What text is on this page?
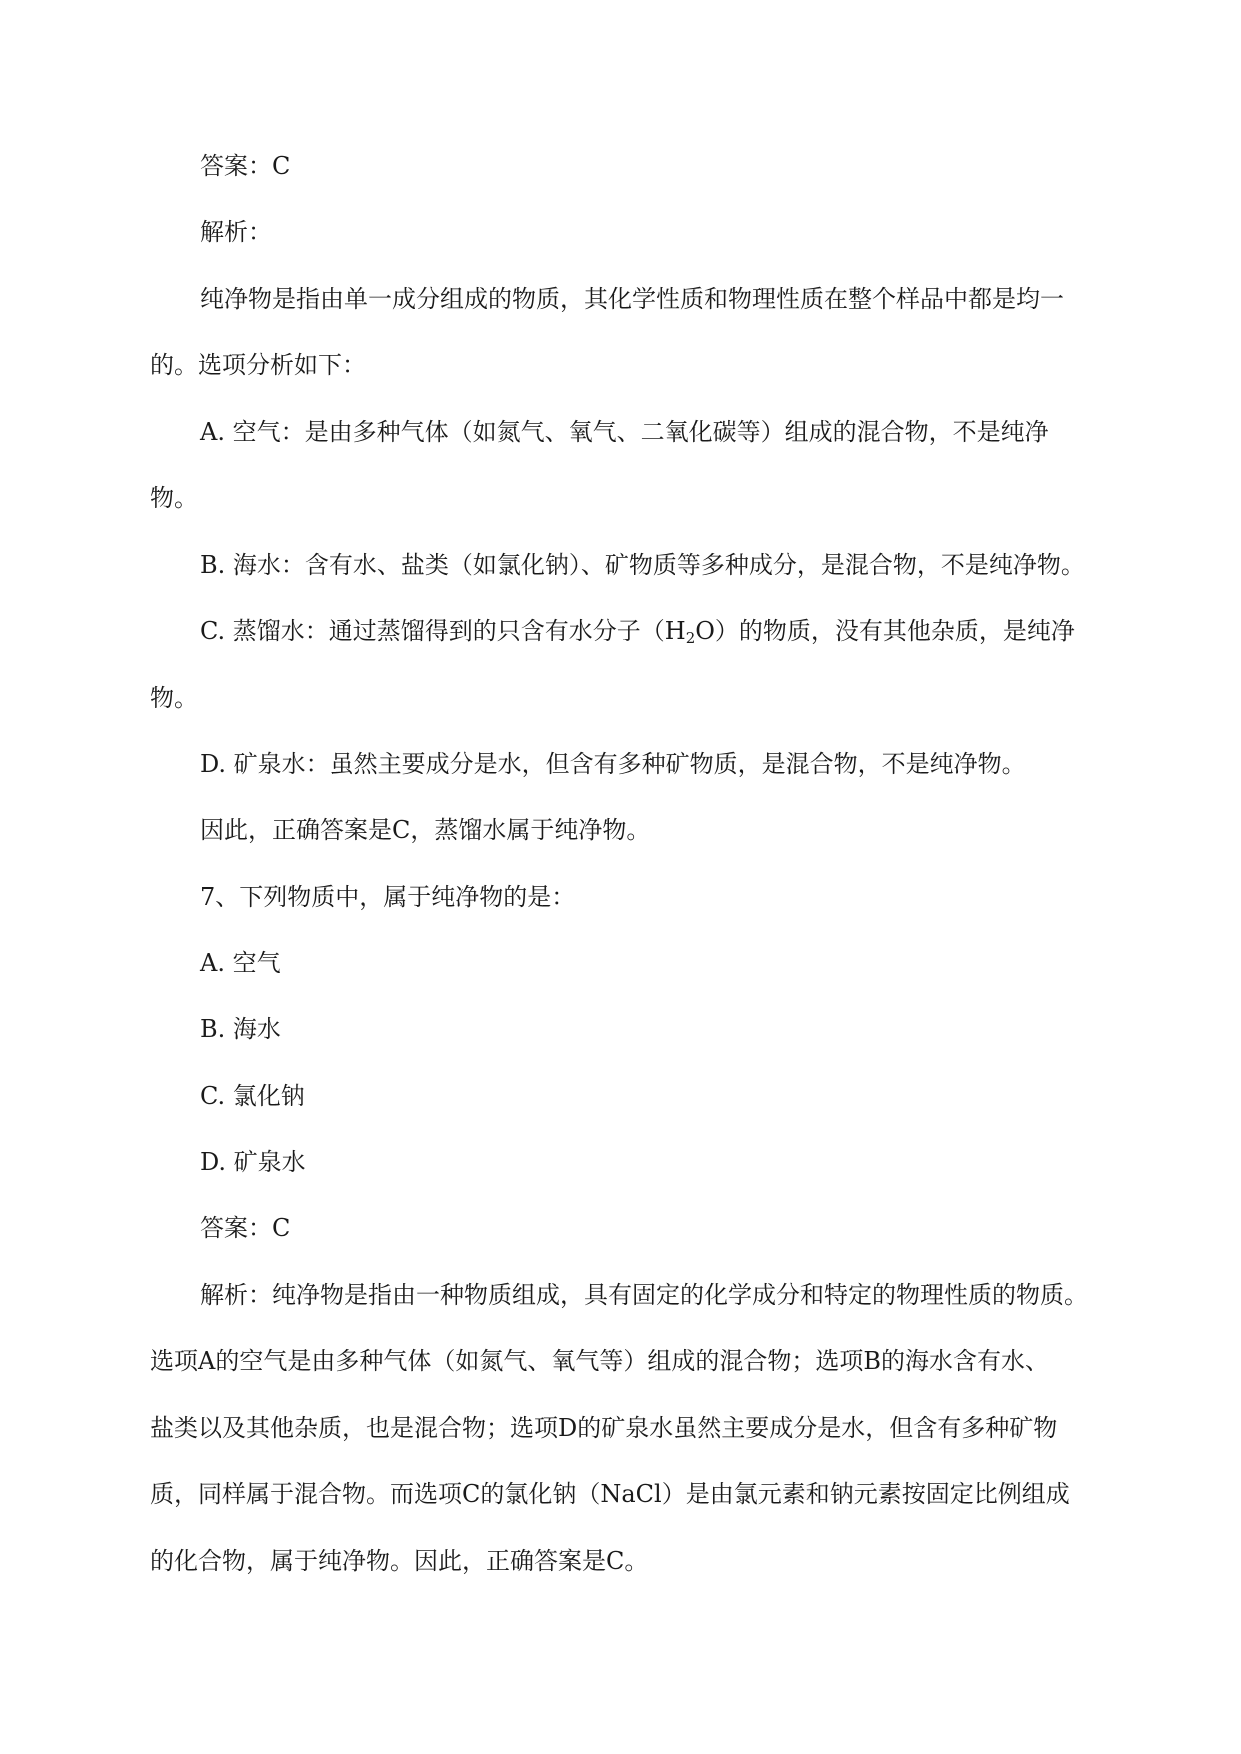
答案：C
解析：
纯净物是指由单一成分组成的物质，其化学性质和物理性质在整个样品中都是均一
的。选项分析如下：
A. 空气：是由多种气体（如氮气、氧气、二氧化碳等）组成的混合物，不是纯净
物。
B. 海水：含有水、盐类（如氯化钠）、矿物质等多种成分，是混合物，不是纯净物。
C. 蒸馏水：通过蒸馏得到的只含有水分子$(H_2O)$的物质，没有其他杂质，是纯净
物。
D. 矿泉水：虽然主要成分是水，但含有多种矿物质，是混合物，不是纯净物。
因此，正确答案是C，蒸馏水属于纯净物。
7、下列物质中，属于纯净物的是：
A. 空气
B. 海水
C. 氯化钠
D. 矿泉水
答案：C
解析：纯净物是指由一种物质组成，具有固定的化学成分和特定的物理性质的物质。
选项A的空气是由多种气体（如氮气、氧气等）组成的混合物；选项B的海水含有水、
盐类以及其他杂质，也是混合物；选项D的矿泉水虽然主要成分是水，但含有多种矿物
质，同样属于混合物。而选项C的氯化钠（NaCl）是由氯元素和钠元素按固定比例组成
的化合物，属于纯净物。因此，正确答案是C。
